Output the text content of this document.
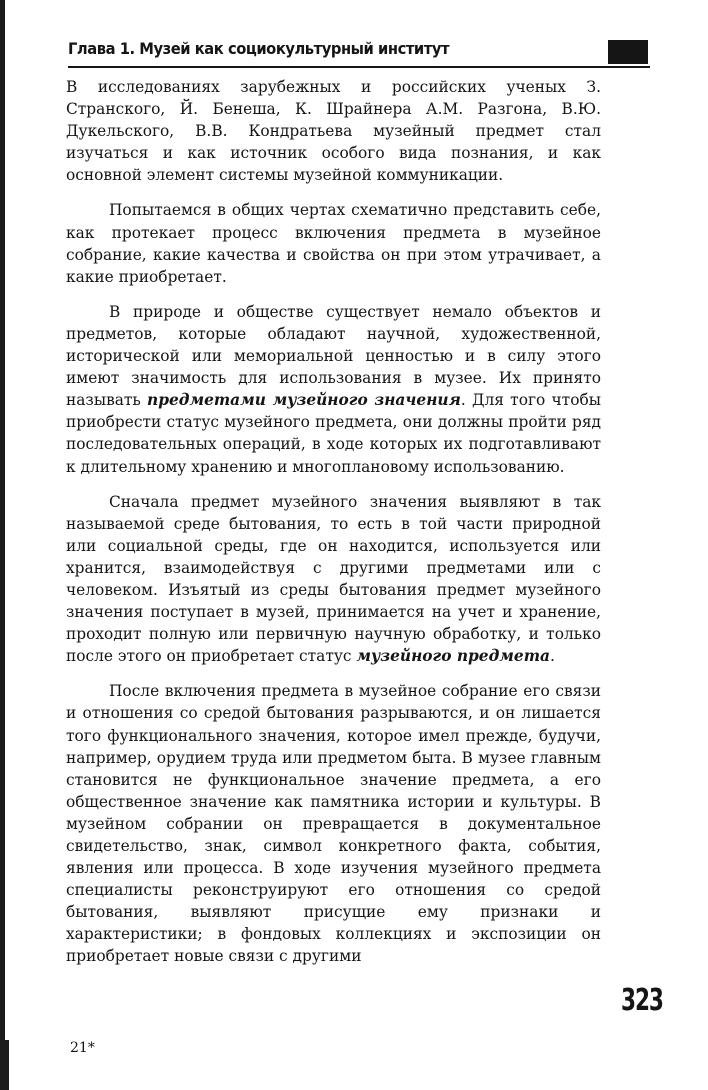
Глава 1. Музей как социокультурный институт

В исследованиях зарубежных и российских ученых З. Странского, Й. Бенеша, К. Шрайнера А.М. Разгона, В.Ю. Дукельского, В.В. Кондратьева музейный предмет стал изучаться и как источник особого вида познания, и как основной элемент системы музейной коммуникации.

Попытаемся в общих чертах схематично представить себе, как протекает процесс включения предмета в музейное собрание, какие качества и свойства он при этом утрачивает, а какие приобретает.

В природе и обществе существует немало объектов и предметов, которые обладают научной, художественной, исторической или мемориальной ценностью и в силу этого имеют значимость для использования в музее. Их принято называть предметами музейного значения. Для того чтобы приобрести статус музейного предмета, они должны пройти ряд последовательных операций, в ходе которых их подготавливают к длительному хранению и многоплановому использованию.

Сначала предмет музейного значения выявляют в так называемой среде бытования, то есть в той части природной или социальной среды, где он находится, используется или хранится, взаимодействуя с другими предметами или с человеком. Изъятый из среды бытования предмет музейного значения поступает в музей, принимается на учет и хранение, проходит полную или первичную научную обработку, и только после этого он приобретает статус музейного предмета.

После включения предмета в музейное собрание его связи и отношения со средой бытования разрываются, и он лишается того функционального значения, которое имел прежде, будучи, например, орудием труда или предметом быта. В музее главным становится не функциональное значение предмета, а его общественное значение как памятника истории и культуры. В музейном собрании он превращается в документальное свидетельство, знак, символ конкретного факта, события, явления или процесса. В ходе изучения музейного предмета специалисты реконструируют его отношения со средой бытования, выявляют присущие ему признаки и характеристики; в фондовых коллекциях и экспозиции он приобретает новые связи с другими

323
21*
